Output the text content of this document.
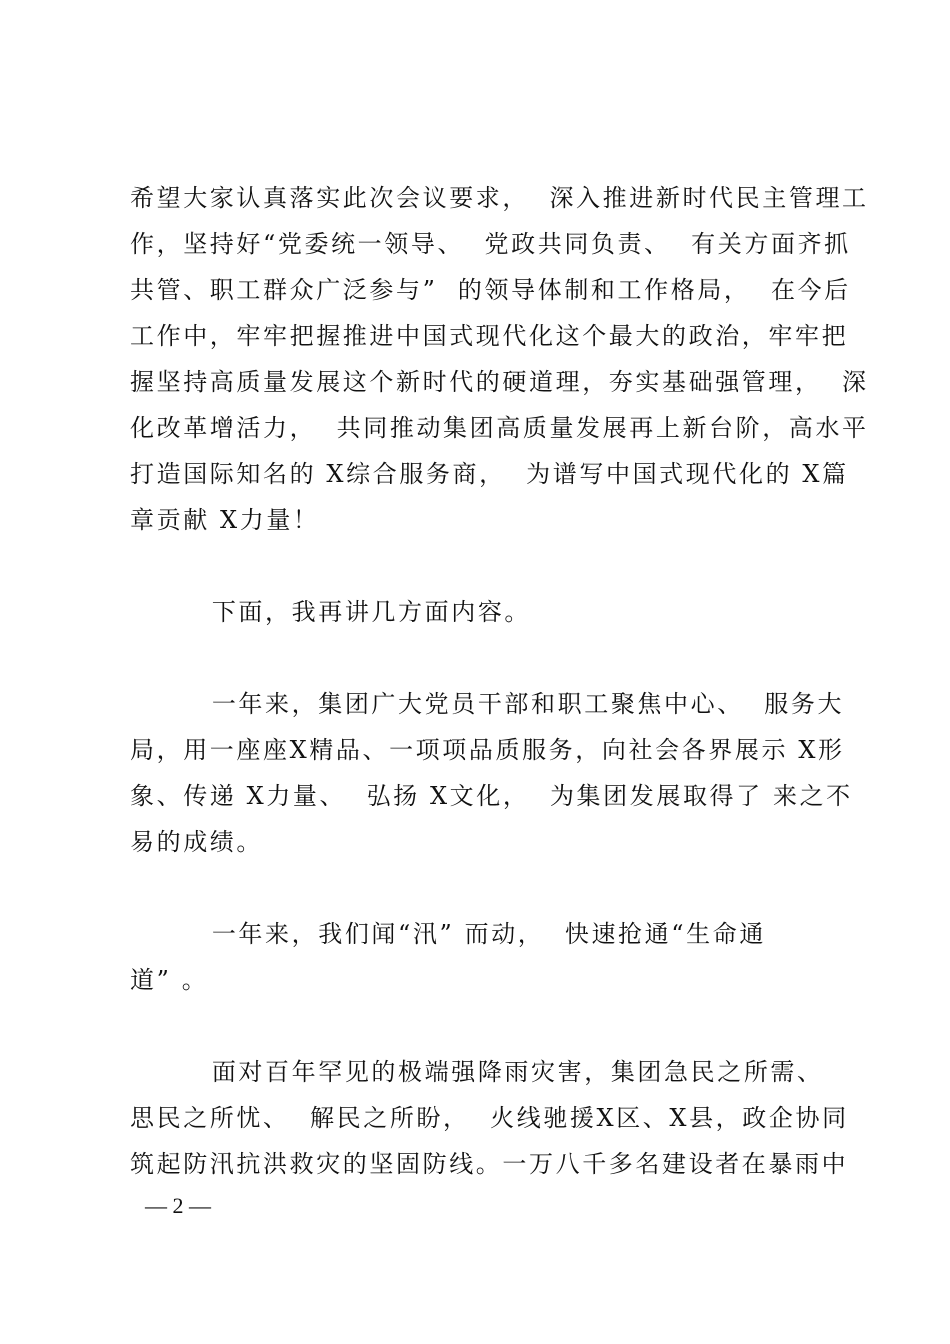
希望大家认真落实此次会议要求，  深入推进新时代民主管理工
作，坚持好“党委统一领导、  党政共同负责、  有关方面齐抓
共管、职工群众广泛参与”  的领导体制和工作格局，  在今后
工作中，牢牢把握推进中国式现代化这个最大的政治，牢牢把
握坚持高质量发展这个新时代的硬道理，夯实基础强管理，  深
化改革增活力，  共同推动集团高质量发展再上新台阶，高水平
打造国际知名的 X综合服务商，  为谱写中国式现代化的 X篇
章贡献 X力量！
下面，我再讲几方面内容。
一年来，集团广大党员干部和职工聚焦中心、  服务大
局，用一座座X精品、一项项品质服务，向社会各界展示 X形
象、传递 X力量、  弘扬 X文化，  为集团发展取得了 来之不
易的成绩。
一年来，我们闻“汛” 而动，  快速抢通“生命通
道” 。
面对百年罕见的极端强降雨灾害，集团急民之所需、
思民之所忧、  解民之所盼，  火线驰援X区、X县，政企协同
筑起防汛抗洪救灾的坚固防线。一万八千多名建设者在暴雨中
— 2 —
